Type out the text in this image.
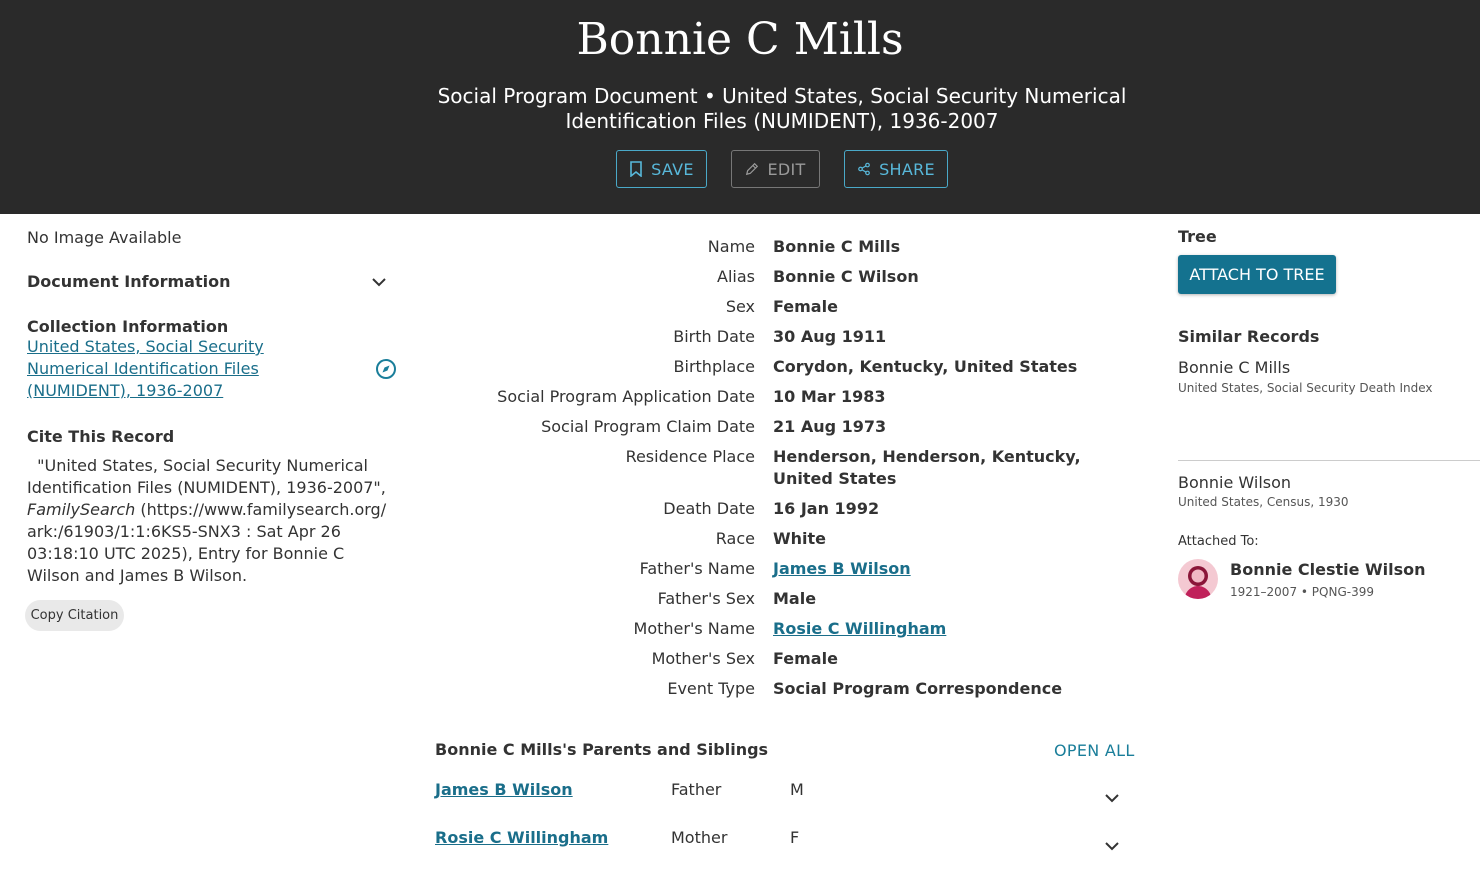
Bonnie C Mills
Social Program Document • United States, Social Security Numerical Identification Files (NUMIDENT), 1936-2007
SAVE	EDIT	SHARE
No Image Available
Document Information
Collection Information
United States, Social Security Numerical Identification Files (NUMIDENT), 1936-2007
Cite This Record
"United States, Social Security Numerical Identification Files (NUMIDENT), 1936-2007", FamilySearch (https://www.familysearch.org/ ark:/61903/1:1:6KS5-SNX3 : Sat Apr 26 03:18:10 UTC 2025), Entry for Bonnie C Wilson and James B Wilson.
Copy Citation
Name	Bonnie C Mills
Alias	Bonnie C Wilson
Sex	Female
Birth Date	30 Aug 1911
Birthplace	Corydon, Kentucky, United States
Social Program Application Date	10 Mar 1983
Social Program Claim Date	21 Aug 1973
Residence Place	Henderson, Henderson, Kentucky, United States
Death Date	16 Jan 1992
Race	White
Father's Name	James B Wilson
Father's Sex	Male
Mother's Name	Rosie C Willingham
Mother's Sex	Female
Event Type	Social Program Correspondence
Bonnie C Mills's Parents and Siblings	OPEN ALL
James B Wilson	Father	M
Rosie C Willingham	Mother	F
Tree
ATTACH TO TREE
Similar Records
Bonnie C Mills
United States, Social Security Death Index
Bonnie Wilson
United States, Census, 1930
Attached To:
Bonnie Clestie Wilson
1921–2007 • PQNG-399
